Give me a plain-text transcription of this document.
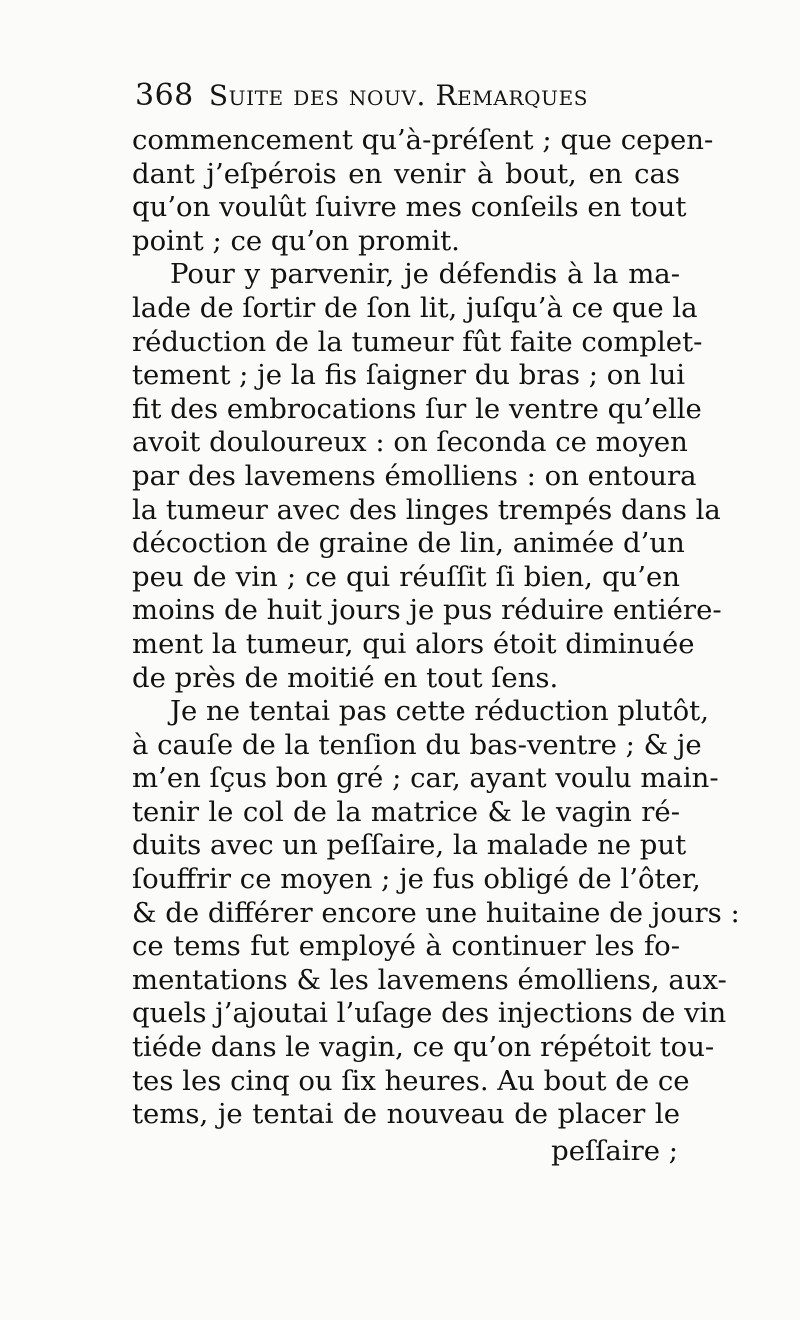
368 Suite des nouv. Remarques
commencement qu’à-préſent ; que cepen-
dant j’eſpérois en venir à bout, en cas
qu’on voulût ſuivre mes conſeils en tout
point ; ce qu’on promit.
Pour y parvenir, je défendis à la ma-
lade de ſortir de ſon lit, juſqu’à ce que la
réduction de la tumeur fût faite complet-
tement ; je la fis ſaigner du bras ; on lui
fit des embrocations ſur le ventre qu’elle
avoit douloureux : on ſeconda ce moyen
par des lavemens émolliens : on entoura
la tumeur avec des linges trempés dans la
décoction de graine de lin, animée d’un
peu de vin ; ce qui réuſſit ſi bien, qu’en
moins de huit jours je pus réduire entiére-
ment la tumeur, qui alors étoit diminuée
de près de moitié en tout ſens.
Je ne tentai pas cette réduction plutôt,
à cauſe de la tenſion du bas-ventre ; & je
m’en ſçus bon gré ; car, ayant voulu main-
tenir le col de la matrice & le vagin ré-
duits avec un peſſaire, la malade ne put
ſouffrir ce moyen ; je fus obligé de l’ôter,
& de différer encore une huitaine de jours :
ce tems fut employé à continuer les fo-
mentations & les lavemens émolliens, aux-
quels j’ajoutai l’uſage des injections de vin
tiéde dans le vagin, ce qu’on répétoit tou-
tes les cinq ou ſix heures. Au bout de ce
tems, je tentai de nouveau de placer le
peſſaire ;
